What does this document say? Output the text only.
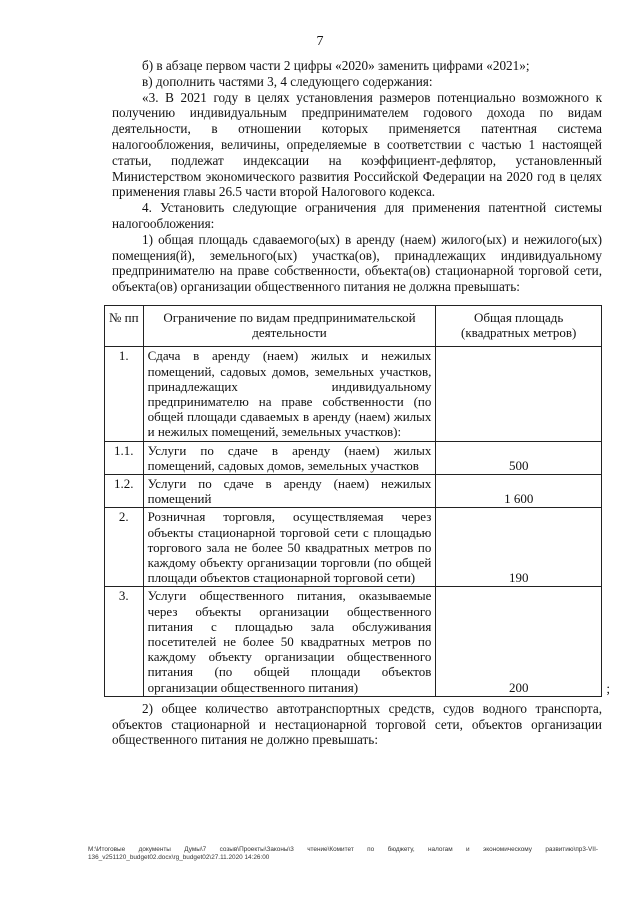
7

б) в абзаце первом части 2 цифры «2020» заменить цифрами «2021»;

в) дополнить частями 3, 4 следующего содержания:

«3. В 2021 году в целях установления размеров потенциально возможного к получению индивидуальным предпринимателем годового дохода по видам деятельности, в отношении которых применяется патентная система налогообложения, величины, определяемые в соответствии с частью 1 настоящей статьи, подлежат индексации на коэффициент-дефлятор, установленный Министерством экономического развития Российской Федерации на 2020 год в целях применения главы 26.5 части второй Налогового кодекса.

4. Установить следующие ограничения для применения патентной системы налогообложения:

1) общая площадь сдаваемого(ых) в аренду (наем) жилого(ых) и нежилого(ых) помещения(й), земельного(ых) участка(ов), принадлежащих индивидуальному предпринимателю на праве собственности, объекта(ов) стационарной торговой сети, объекта(ов) организации общественного питания не должна превышать:

№ пп	Ограничение по видам предпринимательской деятельности	Общая площадь (квадратных метров)
1.	Сдача в аренду (наем) жилых и нежилых помещений, садовых домов, земельных участков, принадлежащих индивидуальному предпринимателю на праве собственности (по общей площади сдаваемых в аренду (наем) жилых и нежилых помещений, земельных участков):	
1.1.	Услуги по сдаче в аренду (наем) жилых помещений, садовых домов, земельных участков	500
1.2.	Услуги по сдаче в аренду (наем) нежилых помещений	1 600
2.	Розничная торговля, осуществляемая через объекты стационарной торговой сети с площадью торгового зала не более 50 квадратных метров по каждому объекту организации торговли (по общей площади объектов стационарной торговой сети)	190
3.	Услуги общественного питания, оказываемые через объекты организации общественного питания с площадью зала обслуживания посетителей не более 50 квадратных метров по каждому объекту организации общественного питания (по общей площади объектов организации общественного питания)	200	;

2) общее количество автотранспортных средств, судов водного транспорта, объектов стационарной и нестационарной торговой сети, объектов организации общественного питания не должно превышать:

M:\Итоговые документы Думы\7 созыв\Проекты\Законы\3 чтение\Комитет по бюджету, налогам и экономическому развитию\пр3-VII-136_v251120_budget02.docx\rg_budget02\27.11.2020 14:26:00
